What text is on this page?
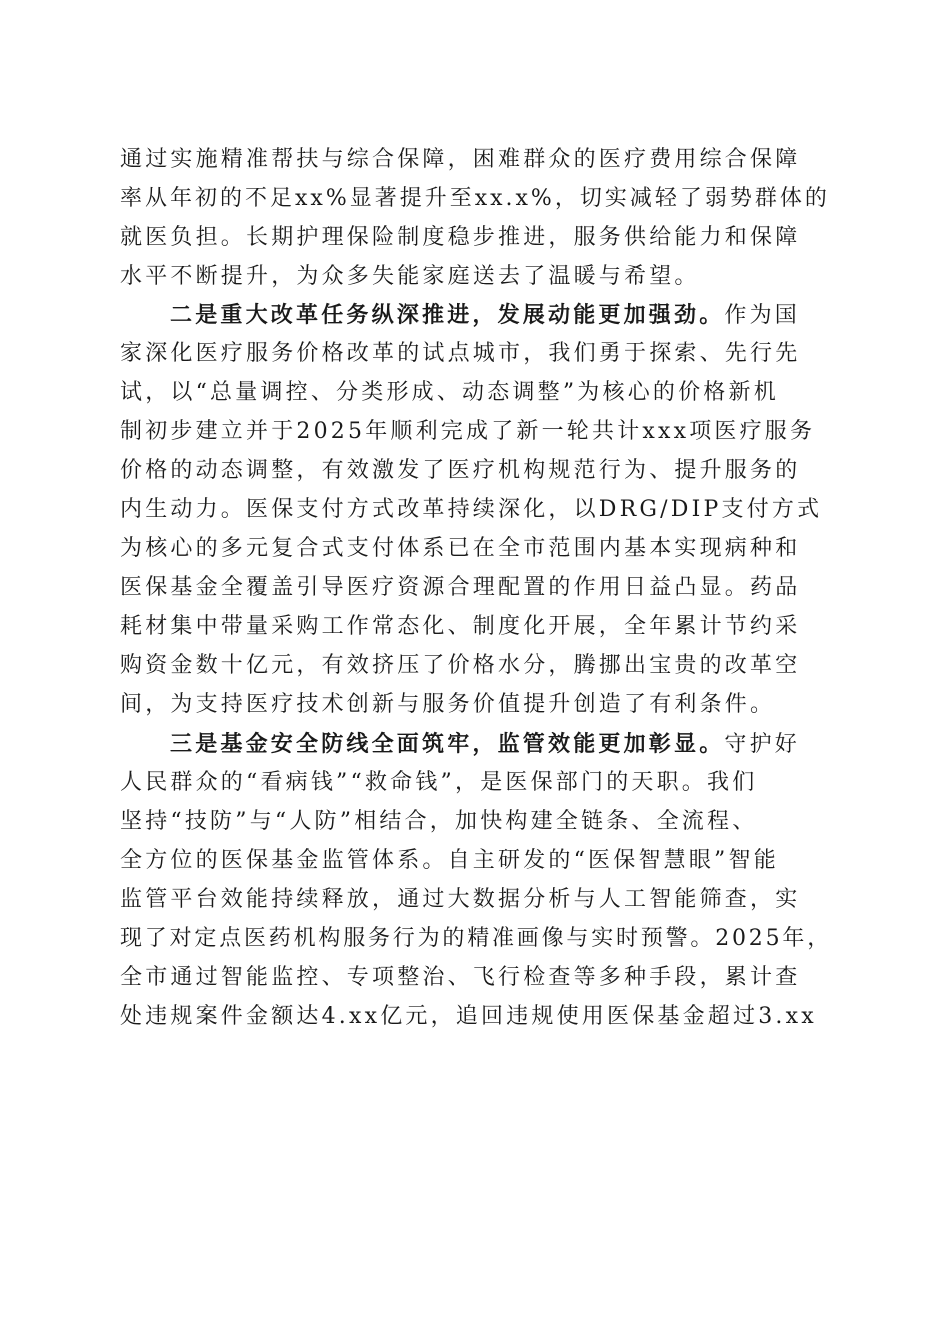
通过实施精准帮扶与综合保障，困难群众的医疗费用综合保障
率从年初的不足xx%显著提升至xx.x%，切实减轻了弱势群体的
就医负担。长期护理保险制度稳步推进，服务供给能力和保障
水平不断提升，为众多失能家庭送去了温暖与希望。
二是重大改革任务纵深推进，发展动能更加强劲。作为国
家深化医疗服务价格改革的试点城市，我们勇于探索、先行先
试，以“总量调控、分类形成、动态调整”为核心的价格新机
制初步建立并于2025年顺利完成了新一轮共计xxx项医疗服务
价格的动态调整，有效激发了医疗机构规范行为、提升服务的
内生动力。医保支付方式改革持续深化，以DRG/DIP支付方式
为核心的多元复合式支付体系已在全市范围内基本实现病种和
医保基金全覆盖引导医疗资源合理配置的作用日益凸显。药品
耗材集中带量采购工作常态化、制度化开展，全年累计节约采
购资金数十亿元，有效挤压了价格水分，腾挪出宝贵的改革空
间，为支持医疗技术创新与服务价值提升创造了有利条件。
三是基金安全防线全面筑牢，监管效能更加彰显。守护好
人民群众的“看病钱”“救命钱”，是医保部门的天职。我们
坚持“技防”与“人防”相结合，加快构建全链条、全流程、
全方位的医保基金监管体系。自主研发的“医保智慧眼”智能
监管平台效能持续释放，通过大数据分析与人工智能筛查，实
现了对定点医药机构服务行为的精准画像与实时预警。2025年，
全市通过智能监控、专项整治、飞行检查等多种手段，累计查
处违规案件金额达4.xx亿元，追回违规使用医保基金超过3.xx
